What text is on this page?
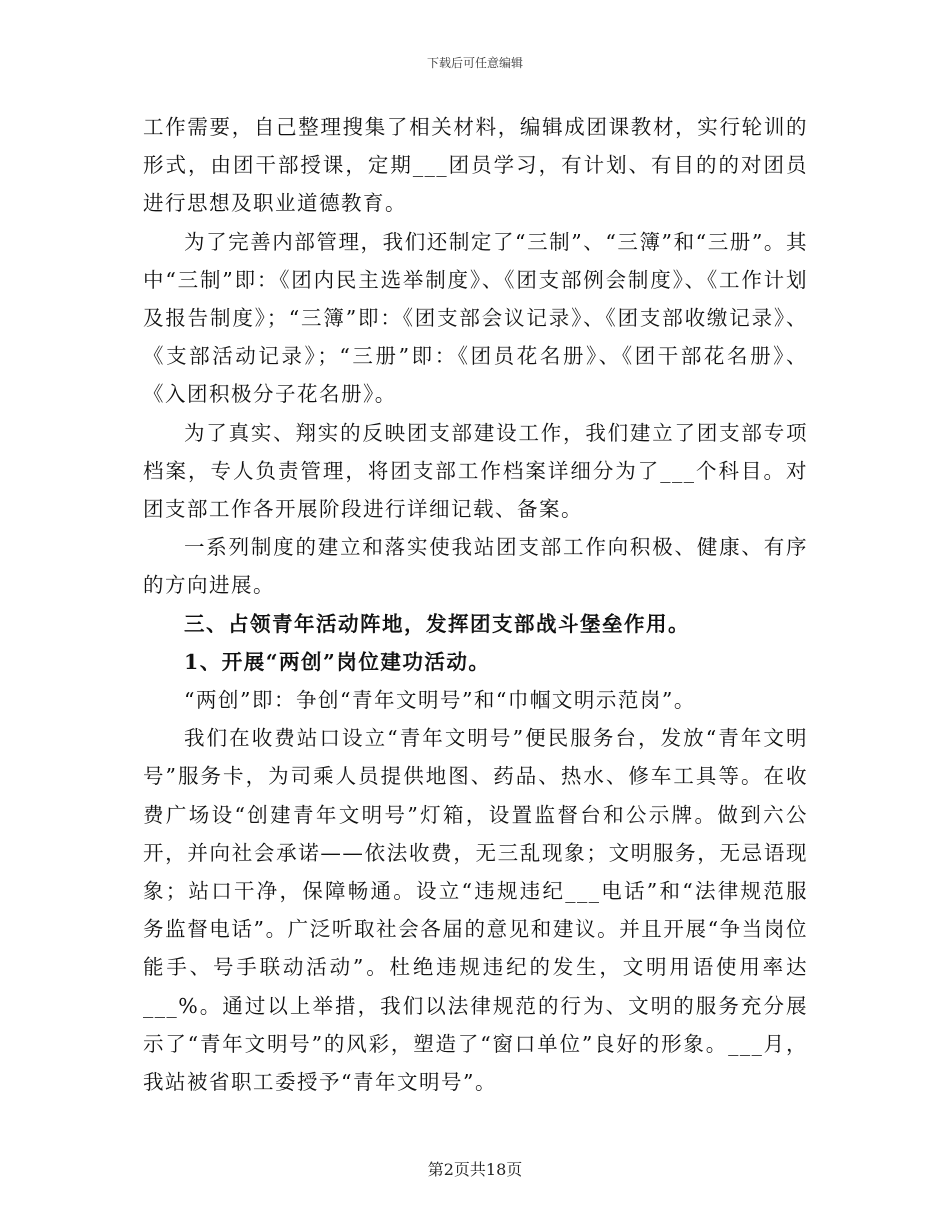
下载后可任意编辑

工作需要，自己整理搜集了相关材料，编辑成团课教材，实行轮训的形式，由团干部授课，定期___团员学习，有计划、有目的的对团员进行思想及职业道德教育。

为了完善内部管理，我们还制定了“三制”、“三簿”和“三册”。其中“三制”即：《团内民主选举制度》、《团支部例会制度》、《工作计划及报告制度》；“三簿”即：《团支部会议记录》、《团支部收缴记录》、《支部活动记录》；“三册”即：《团员花名册》、《团干部花名册》、《入团积极分子花名册》。

为了真实、翔实的反映团支部建设工作，我们建立了团支部专项档案，专人负责管理，将团支部工作档案详细分为了___个科目。对团支部工作各开展阶段进行详细记载、备案。

一系列制度的建立和落实使我站团支部工作向积极、健康、有序的方向进展。

三、占领青年活动阵地，发挥团支部战斗堡垒作用。

1、开展“两创”岗位建功活动。

“两创”即：争创“青年文明号”和“巾帼文明示范岗”。

我们在收费站口设立“青年文明号”便民服务台，发放“青年文明号”服务卡，为司乘人员提供地图、药品、热水、修车工具等。在收费广场设“创建青年文明号”灯箱，设置监督台和公示牌。做到六公开，并向社会承诺——依法收费，无三乱现象；文明服务，无忌语现象；站口干净，保障畅通。设立“违规违纪___电话”和“法律规范服务监督电话”。广泛听取社会各届的意见和建议。并且开展“争当岗位能手、号手联动活动”。杜绝违规违纪的发生，文明用语使用率达___%。通过以上举措，我们以法律规范的行为、文明的服务充分展示了“青年文明号”的风彩，塑造了“窗口单位”良好的形象。___月，我站被省职工委授予“青年文明号”。

第2页共18页
